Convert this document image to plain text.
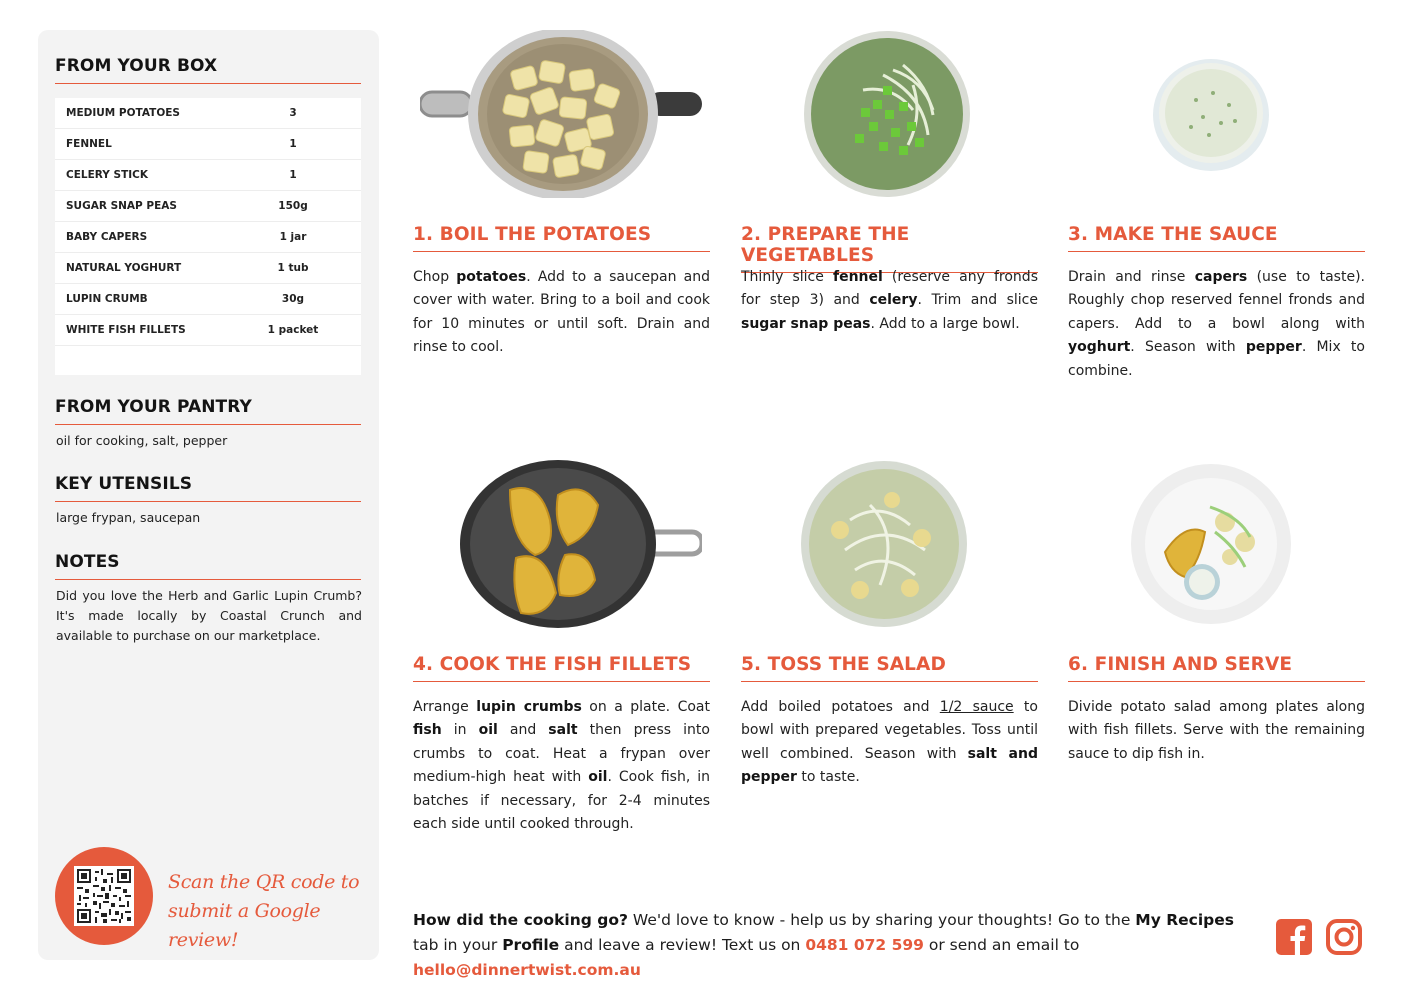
FROM YOUR BOX
MEDIUM POTATOES	3
FENNEL	1
CELERY STICK	1
SUGAR SNAP PEAS	150g
BABY CAPERS	1 jar
NATURAL YOGHURT	1 tub
LUPIN CRUMB	30g
WHITE FISH FILLETS	1 packet
FROM YOUR PANTRY
oil for cooking, salt, pepper
KEY UTENSILS
large frypan, saucepan
NOTES
Did you love the Herb and Garlic Lupin Crumb? It's made locally by Coastal Crunch and available to purchase on our marketplace.
Scan the QR code to
submit a Google review!
1. BOIL THE POTATOES
Chop potatoes. Add to a saucepan and cover with water. Bring to a boil and cook for 10 minutes or until soft. Drain and rinse to cool.
2. PREPARE THE VEGETABLES
Thinly slice fennel (reserve any fronds for step 3) and celery. Trim and slice sugar snap peas. Add to a large bowl.
3. MAKE THE SAUCE
Drain and rinse capers (use to taste). Roughly chop reserved fennel fronds and capers. Add to a bowl along with yoghurt. Season with pepper. Mix to combine.
4. COOK THE FISH FILLETS
Arrange lupin crumbs on a plate. Coat fish in oil and salt then press into crumbs to coat. Heat a frypan over medium-high heat with oil. Cook fish, in batches if necessary, for 2-4 minutes each side until cooked through.
5. TOSS THE SALAD
Add boiled potatoes and 1/2 sauce to bowl with prepared vegetables. Toss until well combined. Season with salt and pepper to taste.
6. FINISH AND SERVE
Divide potato salad among plates along with fish fillets. Serve with the remaining sauce to dip fish in.
How did the cooking go? We'd love to know - help us by sharing your thoughts! Go to the My Recipes tab in your Profile and leave a review! Text us on 0481 072 599 or send an email to hello@dinnertwist.com.au
